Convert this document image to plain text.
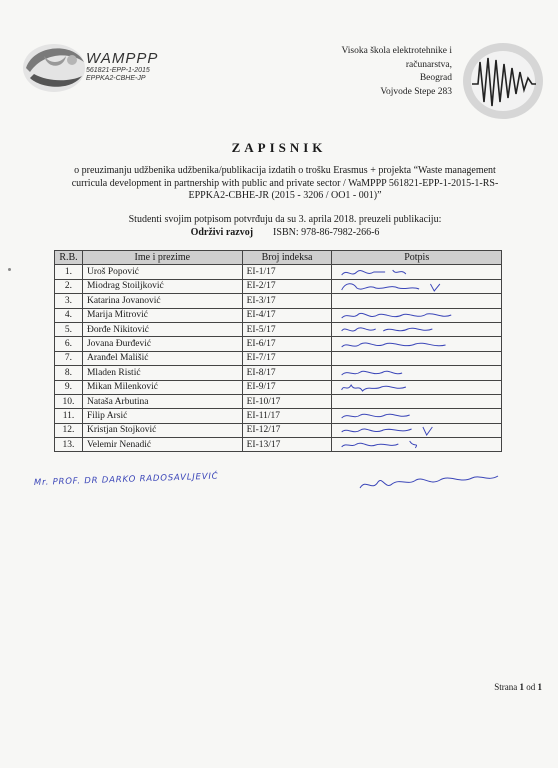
WAMPPP
561821-EPP-1-2015
EPPKA2-CBHE-JP
Visoka škola elektrotehnike i
računarstva,
Beograd
Vojvode Stepe 283
ZAPISNIK
o preuzimanju udžbenika udžbenika/publikacija izdatih o trošku Erasmus + projekta “Waste management curricula development in partnership with public and private sector / WaMPPP 561821-EPP-1-2015-1-RS-EPPKA2-CBHE-JR (2015 - 3206 / OO1 - 001)”
Studenti svojim potpisom potvrđuju da su 3. aprila 2018. preuzeli publikaciju:
Održivi razvoj ISBN: 978-86-7982-266-6
R.B.	Ime i prezime	Broj indeksa	Potpis
1.	Uroš Popović	EI-1/17	

2.	Miodrag Stoiljković	EI-2/17	

3.	Katarina Jovanović	EI-3/17	
4.	Marija Mitrović	EI-4/17	

5.	Đorđe Nikitović	EI-5/17	

6.	Jovana Đurđević	EI-6/17	

7.	Aranđel Mališić	EI-7/17	
8.	Mladen Ristić	EI-8/17	

9.	Mikan Milenković	EI-9/17	

10.	Nataša Arbutina	EI-10/17	
11.	Filip Arsić	EI-11/17	

12.	Kristjan Stojković	EI-12/17	

13.	Velemir Nenadić	EI-13/17	
Mr. PROF. DR DARKO RADOSAVLJEVIĆ
Strana 1 od 1
